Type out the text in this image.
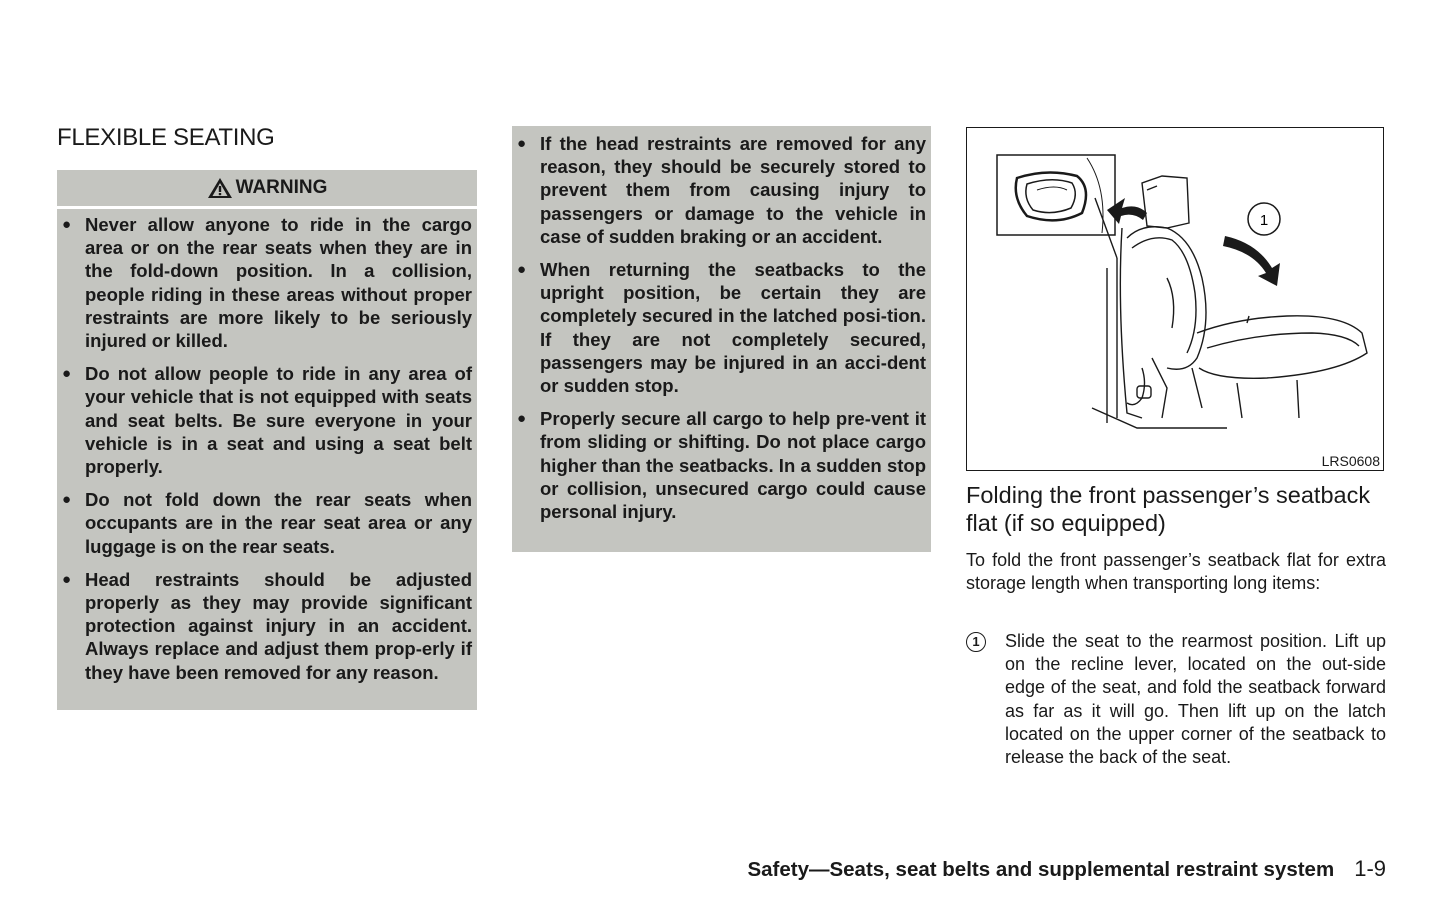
FLEXIBLE SEATING
WARNING
● Never allow anyone to ride in the cargo area or on the rear seats when they are in the fold-down position. In a collision, people riding in these areas without proper restraints are more likely to be seriously injured or killed.
● Do not allow people to ride in any area of your vehicle that is not equipped with seats and seat belts. Be sure everyone in your vehicle is in a seat and using a seat belt properly.
● Do not fold down the rear seats when occupants are in the rear seat area or any luggage is on the rear seats.
● Head restraints should be adjusted properly as they may provide significant protection against injury in an accident. Always replace and adjust them prop-erly if they have been removed for any reason.
● If the head restraints are removed for any reason, they should be securely stored to prevent them from causing injury to passengers or damage to the vehicle in case of sudden braking or an accident.
● When returning the seatbacks to the upright position, be certain they are completely secured in the latched posi-tion. If they are not completely secured, passengers may be injured in an acci-dent or sudden stop.
● Properly secure all cargo to help pre-vent it from sliding or shifting. Do not place cargo higher than the seatbacks. In a sudden stop or collision, unsecured cargo could cause personal injury.
1
LRS0608
Folding the front passenger’s seatback flat (if so equipped)

To fold the front passenger’s seatback flat for extra storage length when transporting long items:

1	Slide the seat to the rearmost position. Lift up on the recline lever, located on the out-side edge of the seat, and fold the seatback forward as far as it will go. Then lift up on the latch located on the upper corner of the seatback to release the back of the seat.
Safety—Seats, seat belts and supplemental restraint system 1-9
